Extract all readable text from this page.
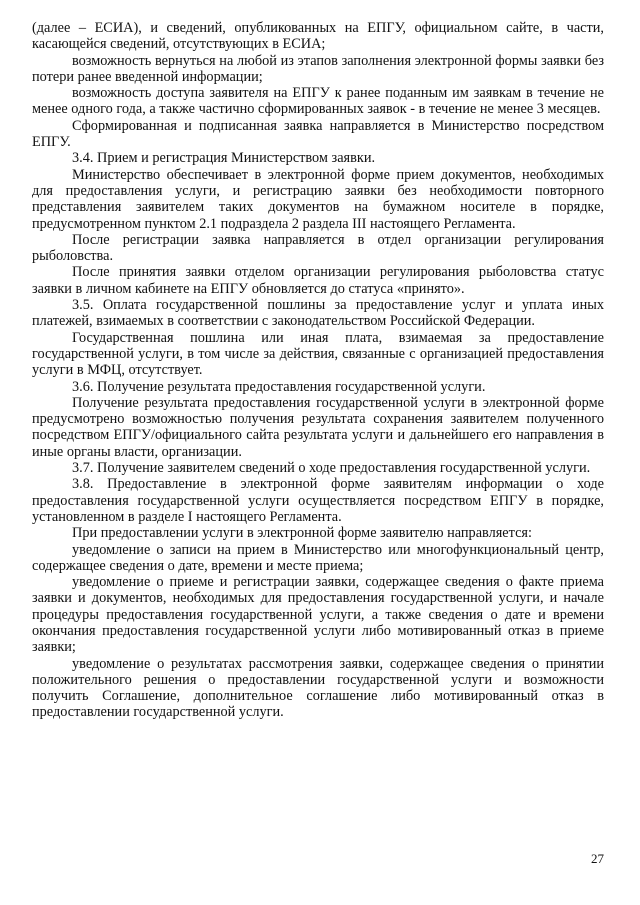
(далее – ЕСИА), и сведений, опубликованных на ЕПГУ, официальном сайте, в части, касающейся сведений, отсутствующих в ЕСИА;

возможность вернуться на любой из этапов заполнения электронной формы заявки без потери ранее введенной информации;

возможность доступа заявителя на ЕПГУ к ранее поданным им заявкам в течение не менее одного года, а также частично сформированных заявок - в течение не менее 3 месяцев.

Сформированная и подписанная заявка направляется в Министерство посредством ЕПГУ.

3.4. Прием и регистрация Министерством заявки.

Министерство обеспечивает в электронной форме прием документов, необходимых для предоставления услуги, и регистрацию заявки без необходимости повторного представления заявителем таких документов на бумажном носителе в порядке, предусмотренном пунктом 2.1 подраздела 2 раздела III настоящего Регламента.

После регистрации заявка направляется в отдел организации регулирования рыболовства.

После принятия заявки отделом организации регулирования рыболовства статус заявки в личном кабинете на ЕПГУ обновляется до статуса «принято».

3.5. Оплата государственной пошлины за предоставление услуг и уплата иных платежей, взимаемых в соответствии с законодательством Российской Федерации.

Государственная пошлина или иная плата, взимаемая за предоставление государственной услуги, в том числе за действия, связанные с организацией предоставления услуги в МФЦ, отсутствует.

3.6. Получение результата предоставления государственной услуги.

Получение результата предоставления государственной услуги в электронной форме предусмотрено возможностью получения результата сохранения заявителем полученного посредством ЕПГУ/официального сайта результата услуги и дальнейшего его направления в иные органы власти, организации.

3.7. Получение заявителем сведений о ходе предоставления государственной услуги.

3.8. Предоставление в электронной форме заявителям информации о ходе предоставления государственной услуги осуществляется посредством ЕПГУ в порядке, установленном в разделе I настоящего Регламента.

При предоставлении услуги в электронной форме заявителю направляется:

уведомление о записи на прием в Министерство или многофункциональный центр, содержащее сведения о дате, времени и месте приема;

уведомление о приеме и регистрации заявки, содержащее сведения о факте приема заявки и документов, необходимых для предоставления государственной услуги, и начале процедуры предоставления государственной услуги, а также сведения о дате и времени окончания предоставления государственной услуги либо мотивированный отказ в приеме заявки;

уведомление о результатах рассмотрения заявки, содержащее сведения о принятии положительного решения о предоставлении государственной услуги и возможности получить Соглашение, дополнительное соглашение либо мотивированный отказ в предоставлении государственной услуги.

27
